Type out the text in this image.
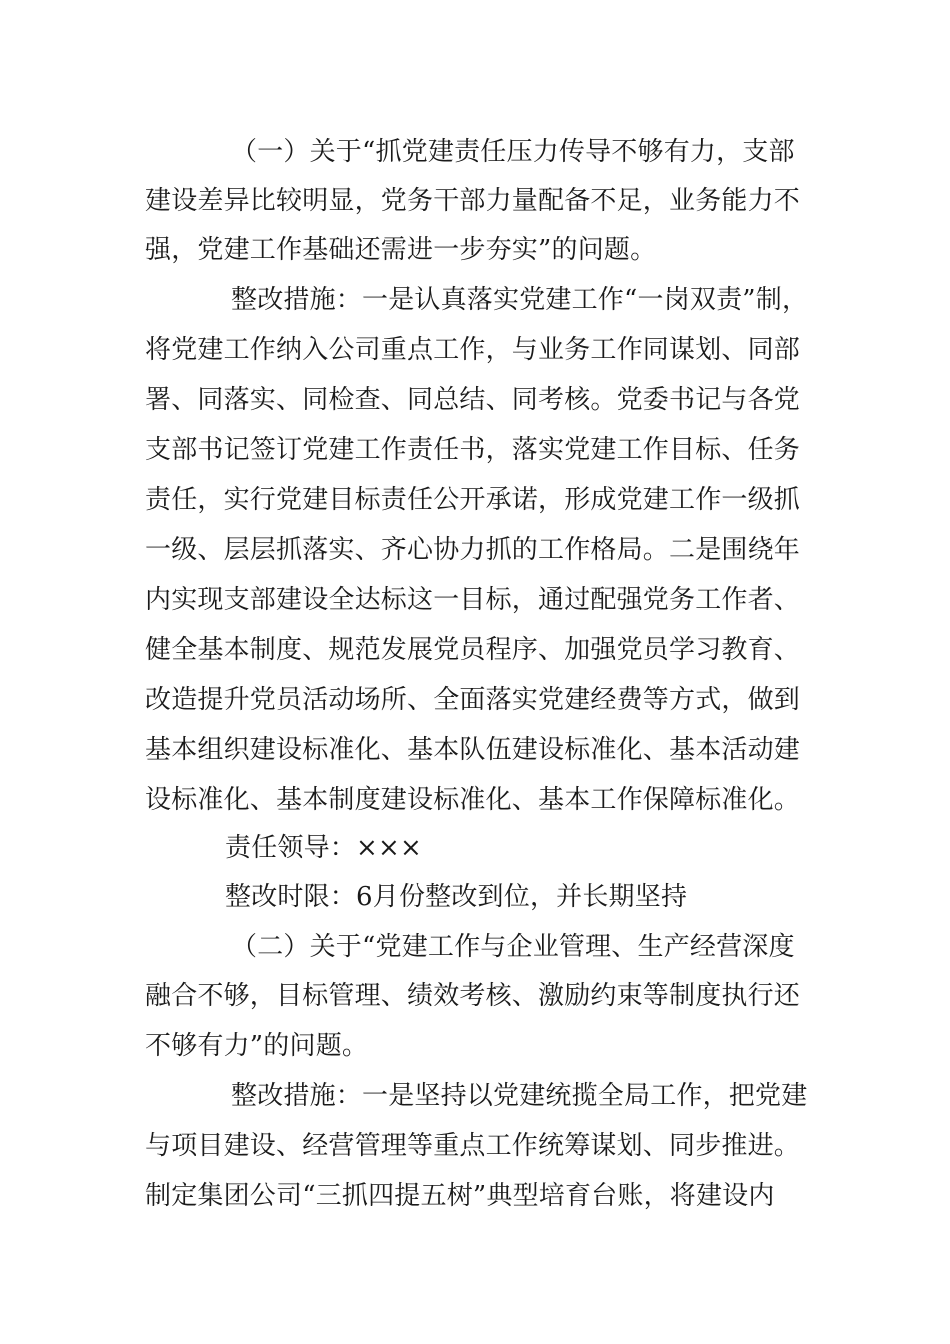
（一）关于“抓党建责任压力传导不够有力，支部
建设差异比较明显，党务干部力量配备不足，业务能力不
强，党建工作基础还需进一步夯实”的问题。
整改措施：一是认真落实党建工作“一岗双责”制，
将党建工作纳入公司重点工作，与业务工作同谋划、同部
署、同落实、同检查、同总结、同考核。党委书记与各党
支部书记签订党建工作责任书，落实党建工作目标、任务
责任，实行党建目标责任公开承诺，形成党建工作一级抓
一级、层层抓落实、齐心协力抓的工作格局。二是围绕年
内实现支部建设全达标这一目标，通过配强党务工作者、
健全基本制度、规范发展党员程序、加强党员学习教育、
改造提升党员活动场所、全面落实党建经费等方式，做到
基本组织建设标准化、基本队伍建设标准化、基本活动建
设标准化、基本制度建设标准化、基本工作保障标准化。
责任领导：×××
整改时限：6月份整改到位，并长期坚持
（二）关于“党建工作与企业管理、生产经营深度
融合不够，目标管理、绩效考核、激励约束等制度执行还
不够有力”的问题。
整改措施：一是坚持以党建统揽全局工作，把党建
与项目建设、经营管理等重点工作统筹谋划、同步推进。
制定集团公司“三抓四提五树”典型培育台账，将建设内
